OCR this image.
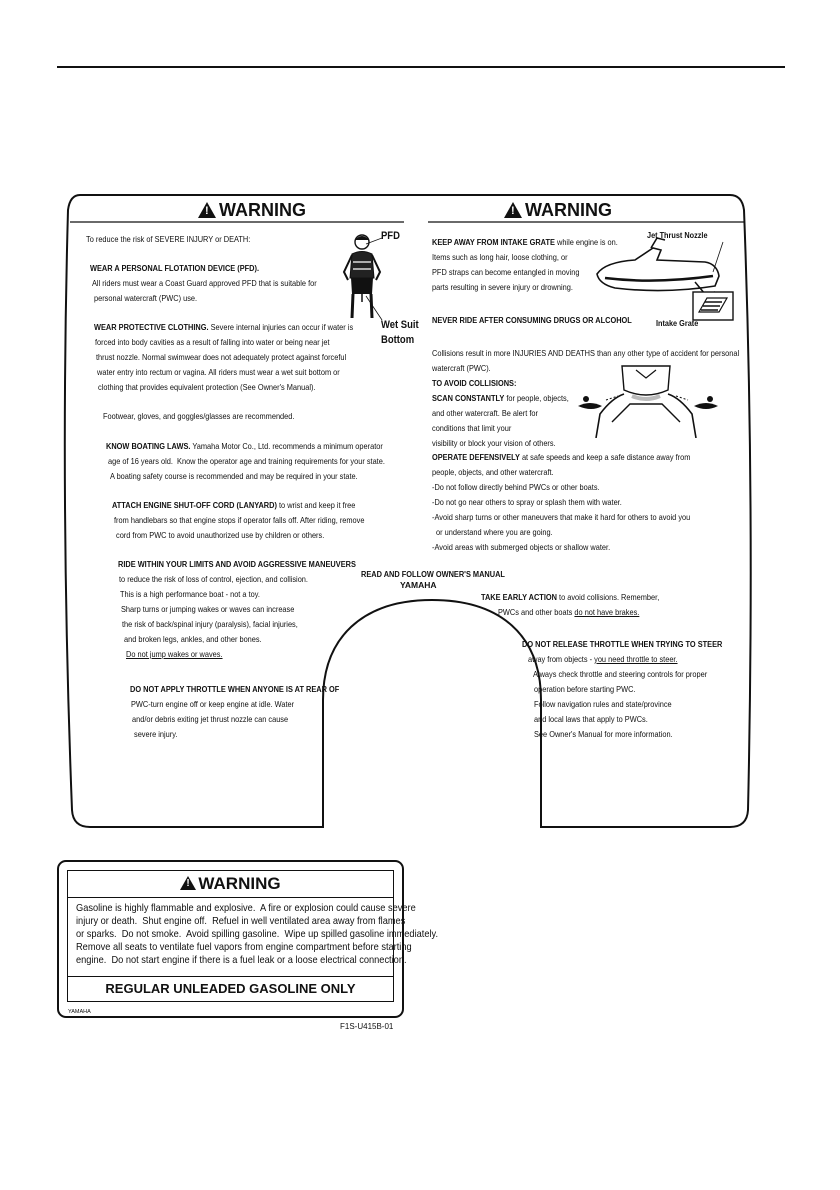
!WARNING

To reduce the risk of SEVERE INJURY or DEATH:

WEAR A PERSONAL FLOTATION DEVICE (PFD).

All riders must wear a Coast Guard approved PFD that is suitable for

personal watercraft (PWC) use.

WEAR PROTECTIVE CLOTHING. Severe internal injuries can occur if water is

forced into body cavities as a result of falling into water or being near jet

thrust nozzle. Normal swimwear does not adequately protect against forceful

water entry into rectum or vagina. All riders must wear a wet suit bottom or

clothing that provides equivalent protection (See Owner's Manual).

Footwear, gloves, and goggles/glasses are recommended.

KNOW BOATING LAWS. Yamaha Motor Co., Ltd. recommends a minimum operator

age of 16 years old.  Know the operator age and training requirements for your state.

A boating safety course is recommended and may be required in your state.

ATTACH ENGINE SHUT-OFF CORD (LANYARD) to wrist and keep it free

from handlebars so that engine stops if operator falls off. After riding, remove

cord from PWC to avoid unauthorized use by children or others.

RIDE WITHIN YOUR LIMITS AND AVOID AGGRESSIVE MANEUVERS

to reduce the risk of loss of control, ejection, and collision.

This is a high performance boat - not a toy.

Sharp turns or jumping wakes or waves can increase

the risk of back/spinal injury (paralysis), facial injuries,

and broken legs, ankles, and other bones.

Do not jump wakes or waves.

DO NOT APPLY THROTTLE WHEN ANYONE IS AT REAR OF

PWC-turn engine off or keep engine at idle. Water

and/or debris exiting jet thrust nozzle can cause

severe injury.

PFD
Wet Suit
Bottom
!WARNING

KEEP AWAY FROM INTAKE GRATE while engine is on.

Items such as long hair, loose clothing, or

PFD straps can become entangled in moving

parts resulting in severe injury or drowning.

NEVER RIDE AFTER CONSUMING DRUGS OR ALCOHOL

Jet Thrust Nozzle
Intake Grate

Collisions result in more INJURIES AND DEATHS than any other type of accident for personal

watercraft (PWC).

TO AVOID COLLISIONS:

SCAN CONSTANTLY for people, objects,

and other watercraft. Be alert for

conditions that limit your

visibility or block your vision of others.

OPERATE DEFENSIVELY at safe speeds and keep a safe distance away from

people, objects, and other watercraft.

-Do not follow directly behind PWCs or other boats.

-Do not go near others to spray or splash them with water.

-Avoid sharp turns or other maneuvers that make it hard for others to avoid you

or understand where you are going.

-Avoid areas with submerged objects or shallow water.

TAKE EARLY ACTION to avoid collisions. Remember,

PWCs and other boats do not have brakes.

DO NOT RELEASE THROTTLE WHEN TRYING TO STEER

away from objects - you need throttle to steer.

Always check throttle and steering controls for proper

operation before starting PWC.

Follow navigation rules and state/province

and local laws that apply to PWCs.

See Owner's Manual for more information.

READ AND FOLLOW OWNER'S MANUAL

YAMAHA
!WARNING
Gasoline is highly flammable and explosive.  A fire or explosion could cause severe
injury or death.  Shut engine off.  Refuel in well ventilated area away from flames
or sparks.  Do not smoke.  Avoid spilling gasoline.  Wipe up spilled gasoline immediately.
Remove all seats to ventilate fuel vapors from engine compartment before starting
engine.  Do not start engine if there is a fuel leak or a loose electrical connection.
REGULAR UNLEADED GASOLINE ONLY
YAMAHA
F1S-U415B-01
